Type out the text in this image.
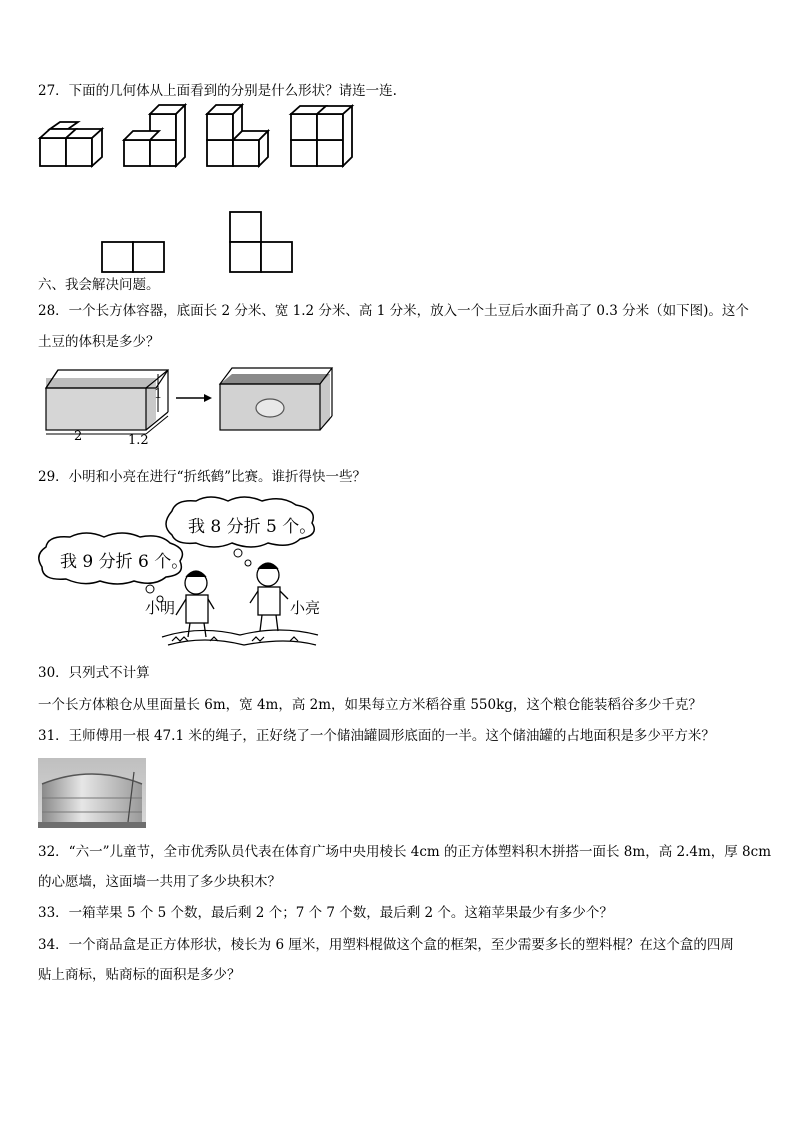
27．下面的几何体从上面看到的分别是什么形状？请连一连.
六、我会解决问题。
28．一个长方体容器，底面长 2 分米、宽 1.2 分米、高 1 分米，放入一个土豆后水面升高了 0.3 分米（如下图)。这个
土豆的体积是多少？
1
2	1.2
29．小明和小亮在进行“折纸鹤”比赛。谁折得快一些？
我 8 分折 5 个。
我 9 分折 6 个。
小明	小亮
30．只列式不计算
一个长方体粮仓从里面量长 6m，宽 4m，高 2m，如果每立方米稻谷重 550kg，这个粮仓能装稻谷多少千克？
31．王师傅用一根 47.1 米的绳子，正好绕了一个储油罐圆形底面的一半。这个储油罐的占地面积是多少平方米？
32．“六一”儿童节，全市优秀队员代表在体育广场中央用棱长 4cm 的正方体塑料积木拼搭一面长 8m，高 2.4m，厚 8cm
的心愿墙，这面墙一共用了多少块积木？
33．一箱苹果 5 个 5 个数，最后剩 2 个；7 个 7 个数，最后剩 2 个。这箱苹果最少有多少个？
34．一个商品盒是正方体形状，棱长为 6 厘米，用塑料棍做这个盒的框架，至少需要多长的塑料棍？在这个盒的四周
贴上商标，贴商标的面积是多少？
